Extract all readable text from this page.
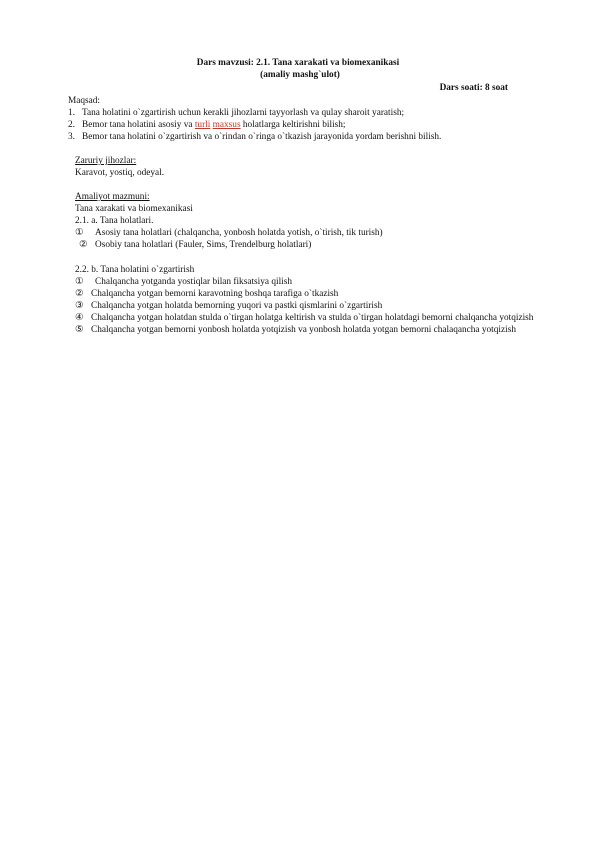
Dars mavzusi: 2.1. Tana xarakati va biomexanikasi
(amaliy mashg`ulot)
Dars soati: 8 soat
Maqsad:
1. Tana holatini o`zgartirish uchun kerakli jihozlarni tayyorlash va qulay sharoit yaratish;
2. Bemor tana holatini asosiy va turli maxsus holatlarga keltirishni bilish;
3. Bemor tana holatini o`zgartirish va o`rindan o`ringa o`tkazish jarayonida yordam berishni bilish.
Zaruriy jihozlar:
Karavot, yostiq, odeyal.
Amaliyot mazmuni:
Tana xarakati va biomexanikasi
2.1. a. Tana holatlari.
①	Asosiy tana holatlari (chalqancha, yonbosh holatda yotish, o`tirish, tik turish)
② Osobiy tana holatlari (Fauler, Sims, Trendelburg holatlari)
2.2. b. Tana holatini o`zgartirish
①	Chalqancha yotganda yostiqlar bilan fiksatsiya qilish
② Chalqancha yotgan bemorni karavotning boshqa tarafiga o`tkazish
③ Chalqancha yotgan holatda bemorning yuqori va pastki qismlarini o`zgartirish
④ Chalqancha yotgan holatdan stulda o`tirgan holatga keltirish va stulda o`tirgan holatdagi bemorni chalqancha yotqizish
⑤ Chalqancha yotgan bemorni yonbosh holatda yotqizish va yonbosh holatda yotgan bemorni chalaqancha yotqizish
